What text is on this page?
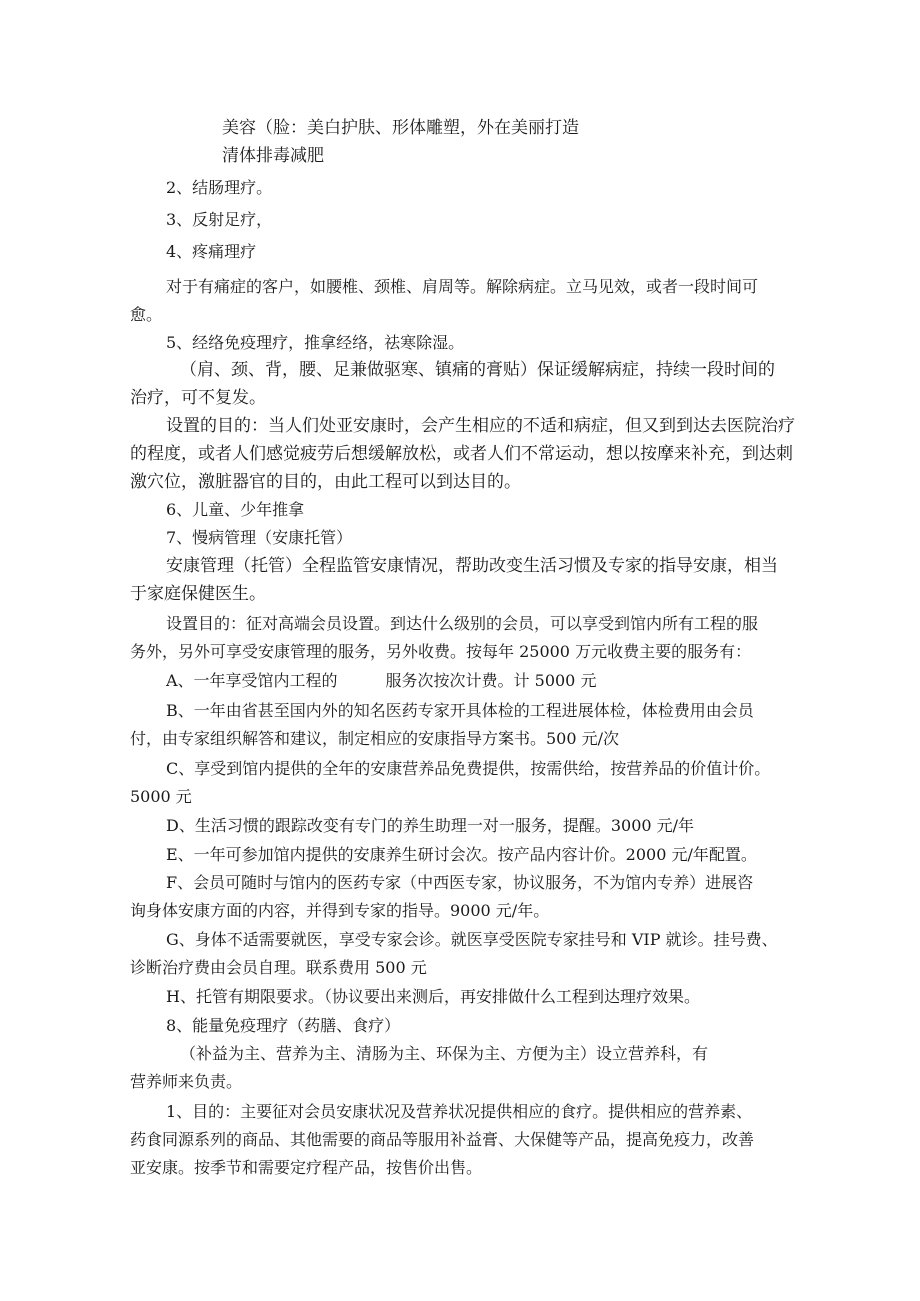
美容（脸：美白护肤、形体雕塑，外在美丽打造
清体排毒减肥
2、结肠理疗。
3、反射足疗，
4、疼痛理疗
对于有痛症的客户，如腰椎、颈椎、肩周等。解除病症。立马见效，或者一段时间可
愈。
5、经络免疫理疗，推拿经络，祛寒除湿。
（肩、颈、背，腰、足兼做驱寒、镇痛的膏贴）保证缓解病症，持续一段时间的
治疗，可不复发。
设置的目的：当人们处亚安康时，会产生相应的不适和病症，但又到到达去医院治疗
的程度，或者人们感觉疲劳后想缓解放松，或者人们不常运动，想以按摩来补充，到达刺
激穴位，激脏器官的目的，由此工程可以到达目的。
6、儿童、少年推拿
7、慢病管理（安康托管）
安康管理（托管）全程监管安康情况，帮助改变生活习惯及专家的指导安康，相当
于家庭保健医生。
设置目的：征对高端会员设置。到达什么级别的会员，可以享受到馆内所有工程的服
务外，另外可享受安康管理的服务，另外收费。按每年 25000 万元收费主要的服务有：
A、一年享受馆内工程的　　　服务次按次计费。计 5000 元
B、一年由省甚至国内外的知名医药专家开具体检的工程进展体检，体检费用由会员
付，由专家组织解答和建议，制定相应的安康指导方案书。500 元/次
C、享受到馆内提供的全年的安康营养品免费提供，按需供给，按营养品的价值计价。
5000 元
D、生活习惯的跟踪改变有专门的养生助理一对一服务，提醒。3000 元/年
E、一年可参加馆内提供的安康养生研讨会次。按产品内容计价。2000 元/年配置。
F、会员可随时与馆内的医药专家（中西医专家，协议服务，不为馆内专养）进展咨
询身体安康方面的内容，并得到专家的指导。9000 元/年。
G、身体不适需要就医，享受专家会诊。就医享受医院专家挂号和 VIP 就诊。挂号费、
诊断治疗费由会员自理。联系费用 500 元
H、托管有期限要求。（协议要出来测后，再安排做什么工程到达理疗效果。
8、能量免疫理疗（药膳、食疗）
（补益为主、营养为主、清肠为主、环保为主、方便为主）设立营养科，有
营养师来负责。
1、目的：主要征对会员安康状况及营养状况提供相应的食疗。提供相应的营养素、
药食同源系列的商品、其他需要的商品等服用补益膏、大保健等产品，提高免疫力，改善
亚安康。按季节和需要定疗程产品，按售价出售。
